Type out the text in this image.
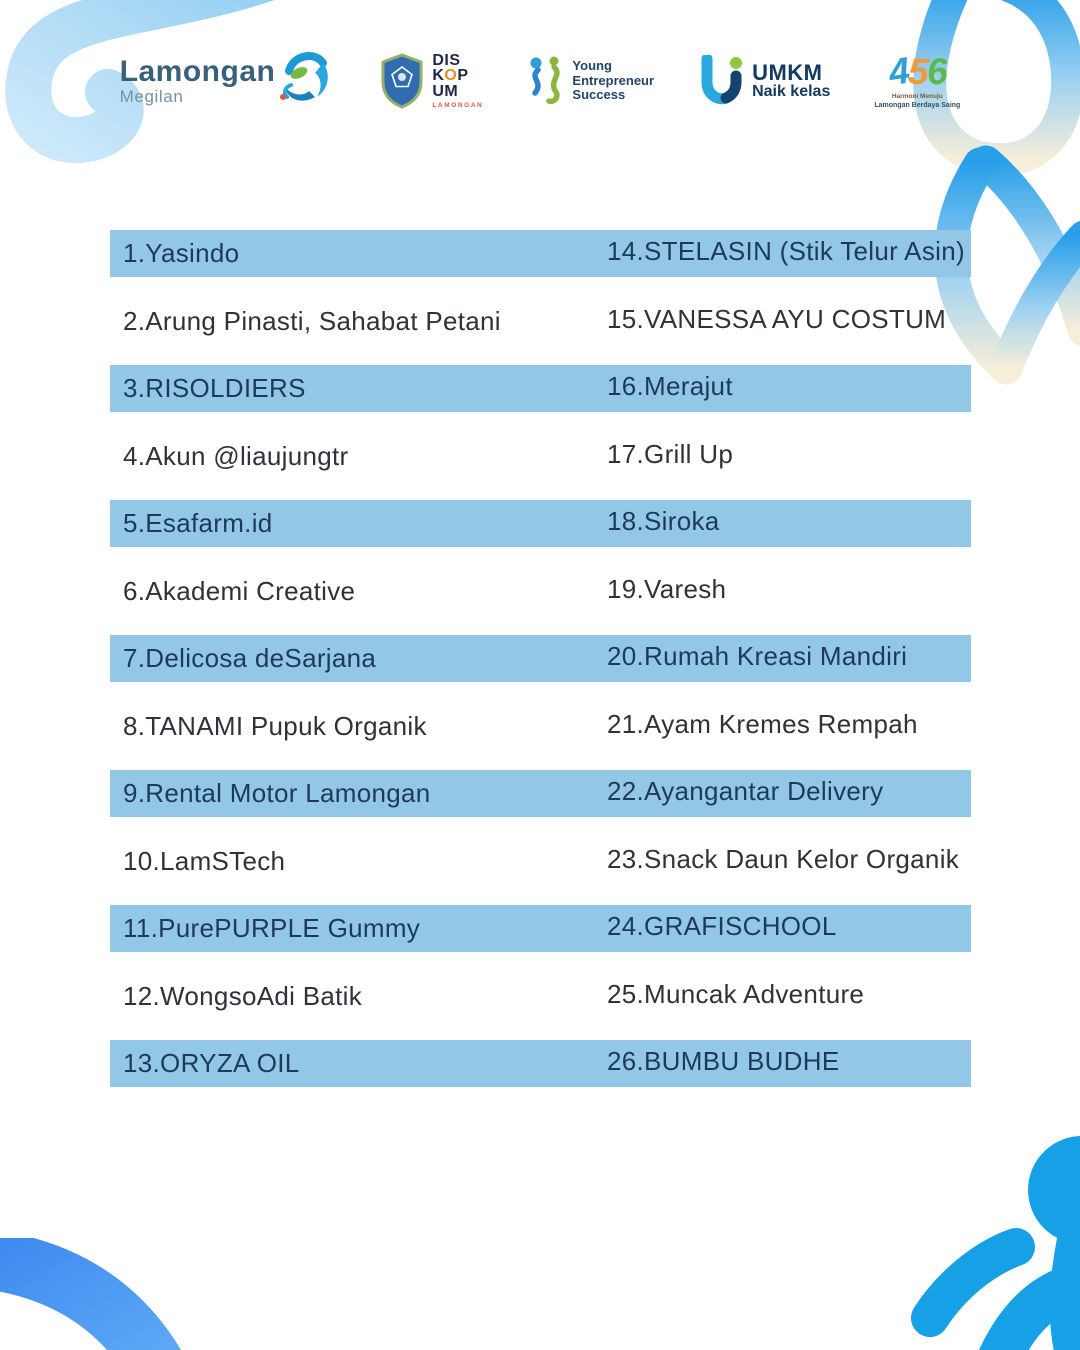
Lamongan
Megilan
DIS
KOP
UM
LAMONGAN
Young
Entrepreneur
Success
UMKM
Naik kelas 4
5
6
Harmoni Menuju
Lamongan Berdaya Saing
1.Yasindo	14.STELASIN (Stik Telur Asin)
2.Arung Pinasti, Sahabat Petani	15.VANESSA AYU COSTUM
3.RISOLDIERS	16.Merajut
4.Akun @liaujungtr	17.Grill Up
5.Esafarm.id	18.Siroka
6.Akademi Creative	19.Varesh
7.Delicosa deSarjana	20.Rumah Kreasi Mandiri
8.TANAMI Pupuk Organik	21.Ayam Kremes Rempah
9.Rental Motor Lamongan	22.Ayangantar Delivery
10.LamSTech	23.Snack Daun Kelor Organik
11.PurePURPLE Gummy	24.GRAFISCHOOL
12.WongsoAdi Batik	25.Muncak Adventure
13.ORYZA OIL	26.BUMBU BUDHE
